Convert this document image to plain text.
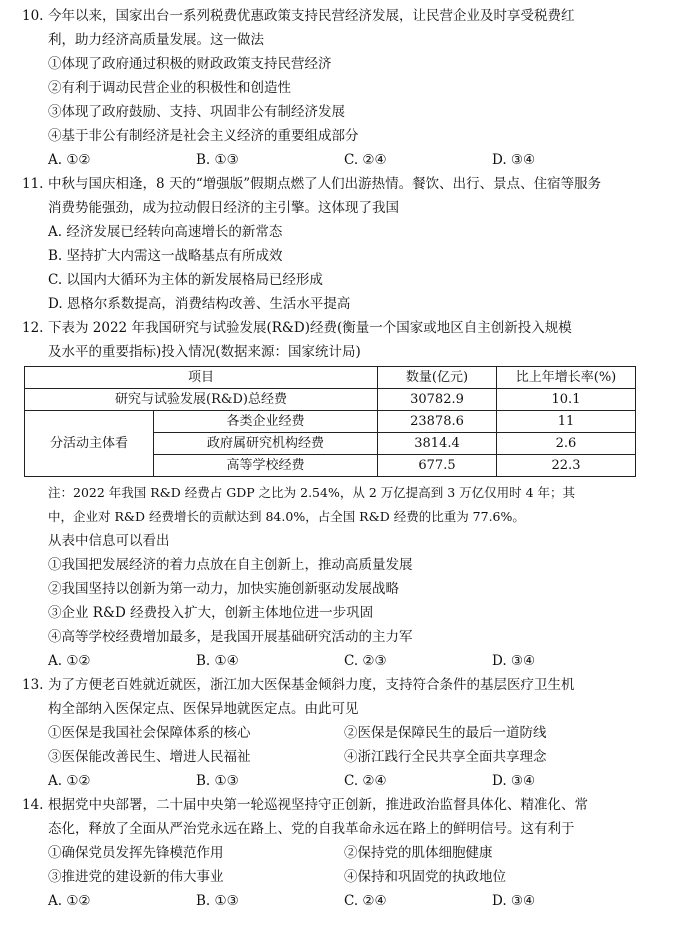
10. 今年以来，国家出台一系列税费优惠政策支持民营经济发展，让民营企业及时享受税费红
利，助力经济高质量发展。这一做法
①体现了政府通过积极的财政政策支持民营经济
②有利于调动民营企业的积极性和创造性
③体现了政府鼓励、支持、巩固非公有制经济发展
④基于非公有制经济是社会主义经济的重要组成部分
A. ①②	B. ①③	C. ②④	D. ③④
11. 中秋与国庆相逢，8 天的“增强版”假期点燃了人们出游热情。餐饮、出行、景点、住宿等服务
消费势能强劲，成为拉动假日经济的主引擎。这体现了我国
A. 经济发展已经转向高速增长的新常态
B. 坚持扩大内需这一战略基点有所成效
C. 以国内大循环为主体的新发展格局已经形成
D. 恩格尔系数提高，消费结构改善、生活水平提高
12. 下表为 2022 年我国研究与试验发展(R&D)经费(衡量一个国家或地区自主创新投入规模
及水平的重要指标)投入情况(数据来源：国家统计局)
项目		数量(亿元)	比上年增长率(%)
研究与试验发展(R&D)总经费		30782.9	10.1
分活动主体看	各类企业经费	23878.6	11
	政府属研究机构经费	3814.4	2.6
	高等学校经费	677.5	22.3
注：2022 年我国 R&D 经费占 GDP 之比为 2.54%，从 2 万亿提高到 3 万亿仅用时 4 年；其
中，企业对 R&D 经费增长的贡献达到 84.0%，占全国 R&D 经费的比重为 77.6%。
从表中信息可以看出
①我国把发展经济的着力点放在自主创新上，推动高质量发展
②我国坚持以创新为第一动力，加快实施创新驱动发展战略
③企业 R&D 经费投入扩大，创新主体地位进一步巩固
④高等学校经费增加最多，是我国开展基础研究活动的主力军
A. ①②	B. ①④	C. ②③	D. ③④
13. 为了方便老百姓就近就医，浙江加大医保基金倾斜力度，支持符合条件的基层医疗卫生机
构全部纳入医保定点、医保异地就医定点。由此可见
①医保是我国社会保障体系的核心	②医保是保障民生的最后一道防线
③医保能改善民生、增进人民福祉	④浙江践行全民共享全面共享理念
A. ①②	B. ①③	C. ②④	D. ③④
14. 根据党中央部署，二十届中央第一轮巡视坚持守正创新，推进政治监督具体化、精准化、常
态化，释放了全面从严治党永远在路上、党的自我革命永远在路上的鲜明信号。这有利于
①确保党员发挥先锋模范作用	②保持党的肌体细胞健康
③推进党的建设新的伟大事业	④保持和巩固党的执政地位
A. ①②	B. ①③	C. ②④	D. ③④
